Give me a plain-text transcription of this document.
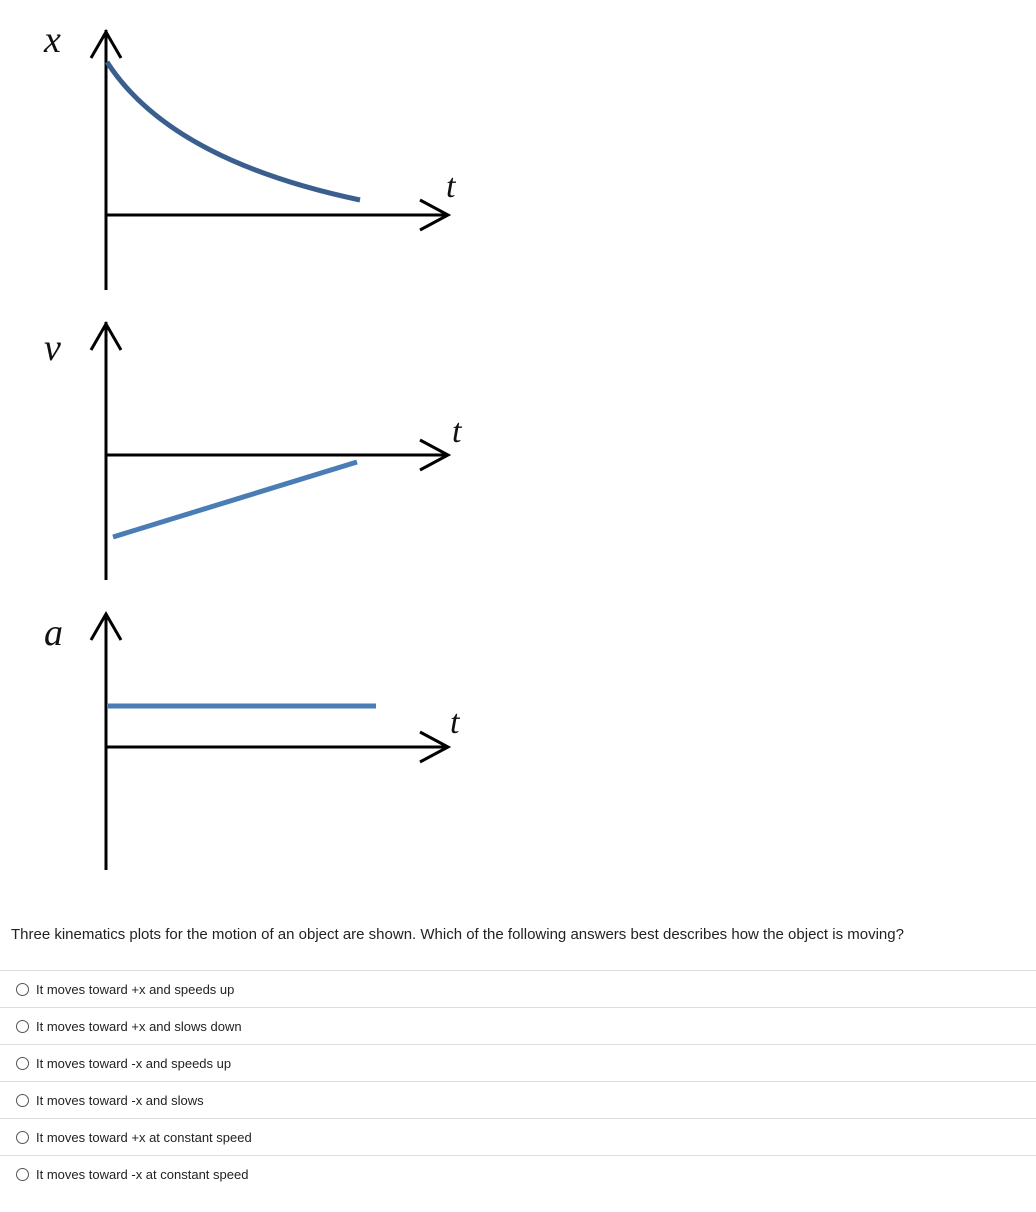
x
t
v
t
a
t
Three kinematics plots for the motion of an object are shown. Which of the following answers best describes how the object is moving?
It moves toward +x and speeds up
It moves toward +x and slows down
It moves toward -x and speeds up
It moves toward -x and slows
It moves toward +x at constant speed
It moves toward -x at constant speed
